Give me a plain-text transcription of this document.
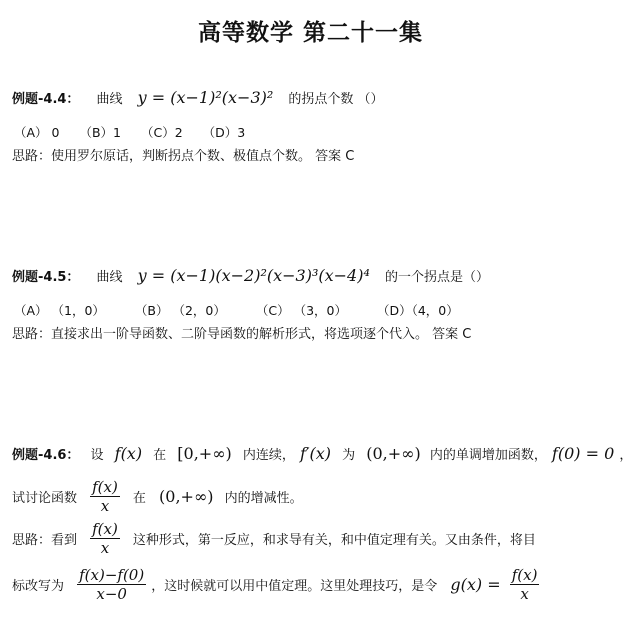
高等数学 第二十一集
例题-4.4： 曲线 y = (x−1)²(x−3)² 的拐点个数 （）
（A） 0 （B）1 （C）2 （D）3
思路：使用罗尔原话，判断拐点个数、极值点个数。 答案 C
例题-4.5： 曲线 y = (x−1)(x−2)²(x−3)³(x−4)⁴ 的一个拐点是（）
（A） （1，0） （B） （2，0） （C） （3，0） （D）（4，0）
思路：直接求出一阶导函数、二阶导函数的解析形式，将选项逐个代入。 答案 C
例题-4.6： 设 f(x) 在 [0,+∞) 内连续， f′(x) 为 (0,+∞) 内的单调增加函数， f(0) = 0 ，
试讨论函数 $\frac{f(x)}{x}$ 在 (0,+∞) 内的增减性。
思路：看到 $\frac{f(x)}{x}$ 这种形式，第一反应，和求导有关，和中值定理有关。又由条件，将目
标改写为 $\frac{f(x)-f(0)}{x-0}$ ，这时候就可以用中值定理。这里处理技巧，是令 $g(x) = \frac{f(x)}{x}$
